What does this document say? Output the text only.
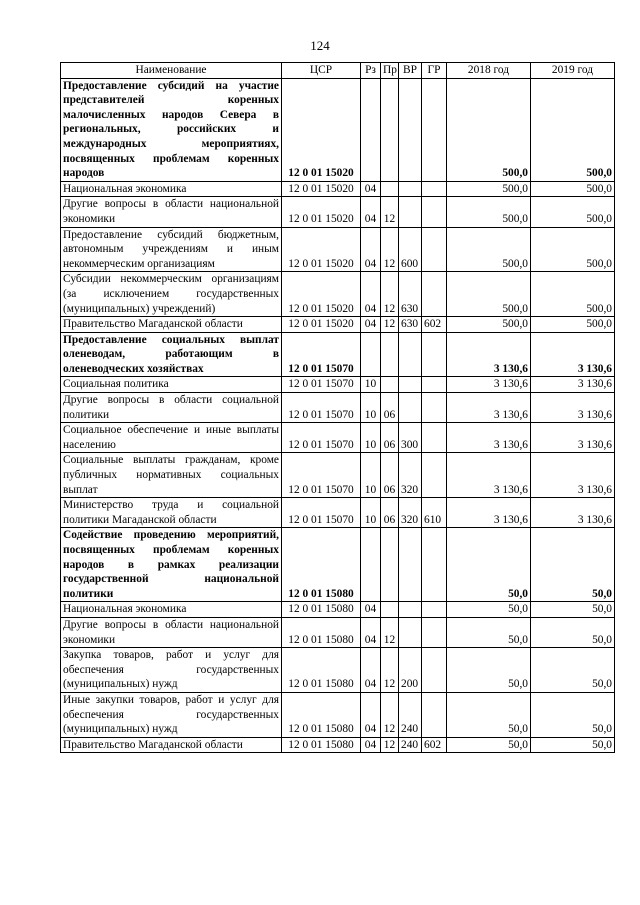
124
Наименование	ЦСР	Рз	Пр	ВР	ГР	2018 год	2019 год
Предоставление субсидий на участие представителей коренных малочисленных народов Севера в региональных, российских и международных мероприятиях, посвященных проблемам коренных народов	12 0 01 15020					500,0	500,0
Национальная экономика	12 0 01 15020	04				500,0	500,0
Другие вопросы в области национальной экономики	12 0 01 15020	04	12			500,0	500,0
Предоставление субсидий бюджетным, автономным учреждениям и иным некоммерческим организациям	12 0 01 15020	04	12	600		500,0	500,0
Субсидии некоммерческим организациям (за исключением государственных (муниципальных) учреждений)	12 0 01 15020	04	12	630		500,0	500,0
Правительство Магаданской области	12 0 01 15020	04	12	630	602	500,0	500,0
Предоставление социальных выплат оленеводам, работающим в оленеводческих хозяйствах	12 0 01 15070					3 130,6	3 130,6
Социальная политика	12 0 01 15070	10				3 130,6	3 130,6
Другие вопросы в области социальной политики	12 0 01 15070	10	06			3 130,6	3 130,6
Социальное обеспечение и иные выплаты населению	12 0 01 15070	10	06	300		3 130,6	3 130,6
Социальные выплаты гражданам, кроме публичных нормативных социальных выплат	12 0 01 15070	10	06	320		3 130,6	3 130,6
Министерство труда и социальной политики Магаданской области	12 0 01 15070	10	06	320	610	3 130,6	3 130,6
Содействие проведению мероприятий, посвященных проблемам коренных народов в рамках реализации государственной национальной политики	12 0 01 15080					50,0	50,0
Национальная экономика	12 0 01 15080	04				50,0	50,0
Другие вопросы в области национальной экономики	12 0 01 15080	04	12			50,0	50,0
Закупка товаров, работ и услуг для обеспечения государственных (муниципальных) нужд	12 0 01 15080	04	12	200		50,0	50,0
Иные закупки товаров, работ и услуг для обеспечения государственных (муниципальных) нужд	12 0 01 15080	04	12	240		50,0	50,0
Правительство Магаданской области	12 0 01 15080	04	12	240	602	50,0	50,0
